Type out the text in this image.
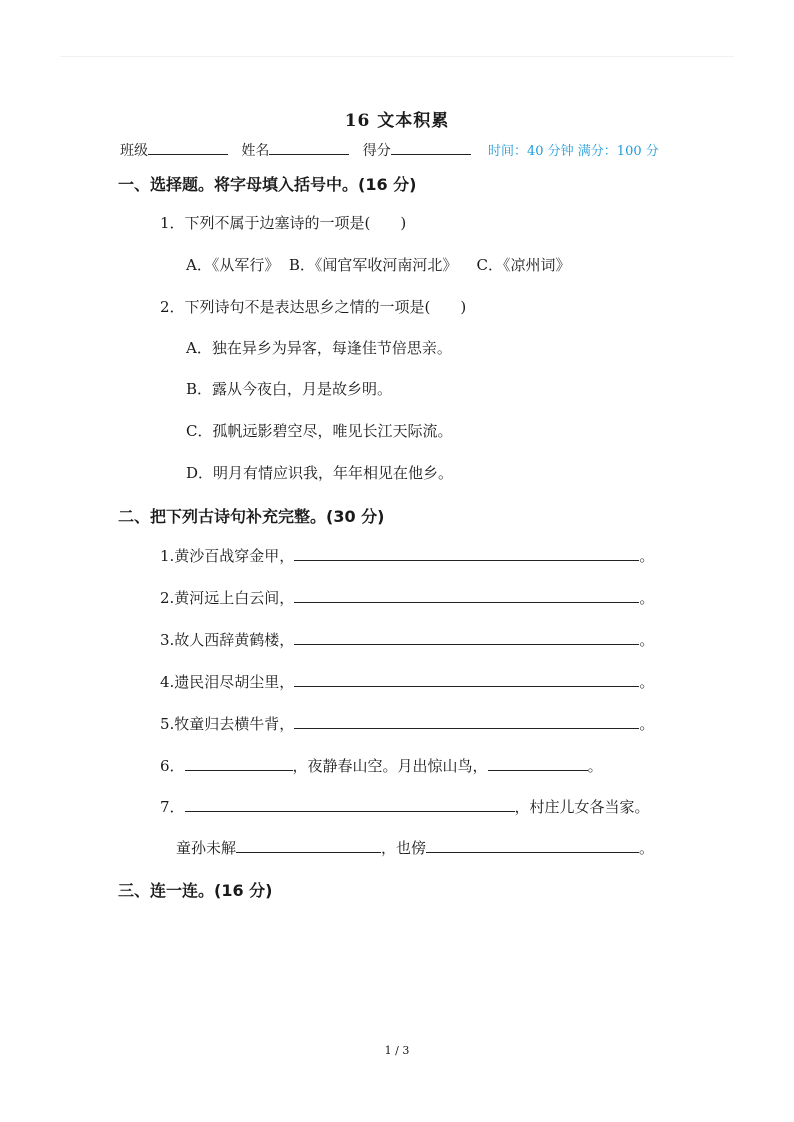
16 文本积累
班级	姓名	得分	时间：40 分钟 满分：100 分
一、选择题。将字母填入括号中。(16 分)
1．下列不属于边塞诗的一项是(　　)
A．《从军行》 B．《闻官军收河南河北》 C．《凉州词》
2．下列诗句不是表达思乡之情的一项是(　　)
A．独在异乡为异客，每逢佳节倍思亲。
B．露从今夜白，月是故乡明。
C．孤帆远影碧空尽，唯见长江天际流。
D．明月有情应识我，年年相见在他乡。
二、把下列古诗句补充完整。(30 分)
1.黄沙百战穿金甲，	。
2.黄河远上白云间，	。
3.故人西辞黄鹤楼，	。
4.遗民泪尽胡尘里，	。
5.牧童归去横牛背，	。
6．	，夜静春山空。月出惊山鸟，	。
7．	，村庄儿女各当家。
童孙未解	，也傍	。
三、连一连。(16 分)
1 / 3
